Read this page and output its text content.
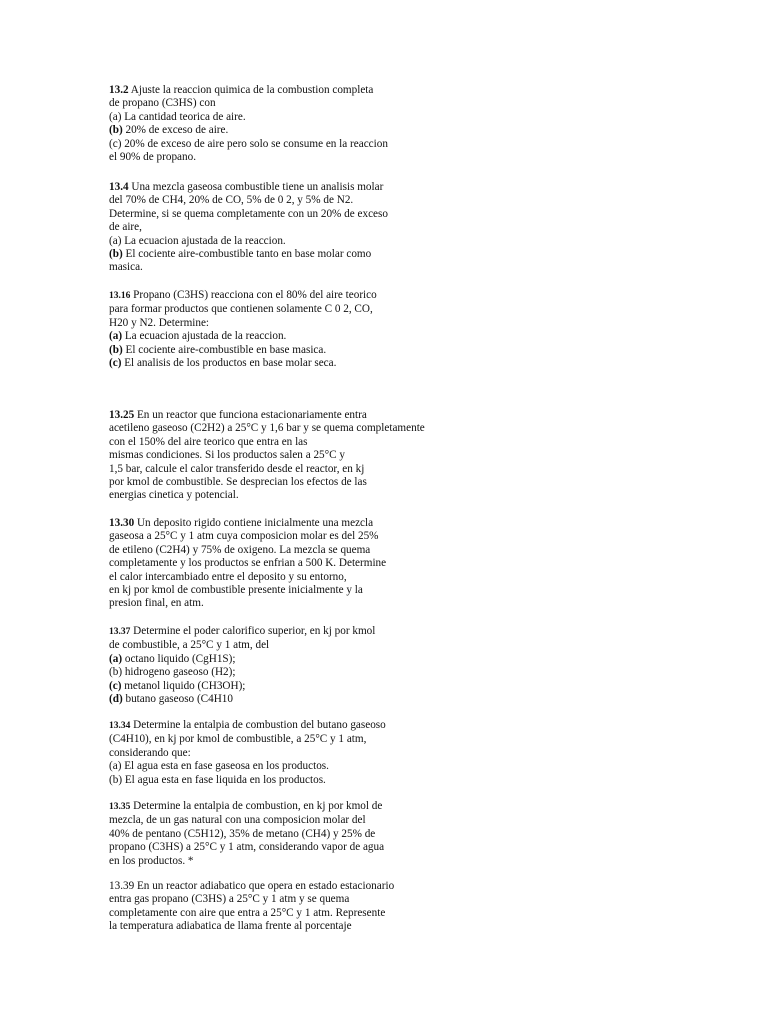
13.2 Ajuste la reaccion quimica de la combustion completa
de propano (C3HS) con
(a) La cantidad teorica de aire.
(b) 20% de exceso de aire.
(c) 20% de exceso de aire pero solo se consume en la reaccion
el 90% de propano.
13.4 Una mezcla gaseosa combustible tiene un analisis molar
del 70% de CH4, 20% de CO, 5% de 0 2, y 5% de N2.
Determine, si se quema completamente con un 20% de exceso
de aire,
(a) La ecuacion ajustada de la reaccion.
(b) El cociente aire-combustible tanto en base molar como
masica.
13.16 Propano (C3HS) reacciona con el 80% del aire teorico
para formar productos que contienen solamente C 0 2, CO,
H20 y N2. Determine:
(a) La ecuacion ajustada de la reaccion.
(b) El cociente aire-combustible en base masica.
(c) El analisis de los productos en base molar seca.
13.25 En un reactor que funciona estacionariamente entra
acetileno gaseoso (C2H2) a 25°C y 1,6 bar y se quema completamente
con el 150% del aire teorico que entra en las
mismas condiciones. Si los productos salen a 25°C y
1,5 bar, calcule el calor transferido desde el reactor, en kj
por kmol de combustible. Se desprecian los efectos de las
energias cinetica y potencial.
13.30 Un deposito rigido contiene inicialmente una mezcla
gaseosa a 25°C y 1 atm cuya composicion molar es del 25%
de etileno (C2H4) y 75% de oxigeno. La mezcla se quema
completamente y los productos se enfrian a 500 K. Determine
el calor intercambiado entre el deposito y su entorno,
en kj por kmol de combustible presente inicialmente y la
presion final, en atm.
13.37 Determine el poder calorifico superior, en kj por kmol
de combustible, a 25°C y 1 atm, del
(a) octano liquido (CgH1S);
(b) hidrogeno gaseoso (H2);
(c) metanol liquido (CH3OH);
(d) butano gaseoso (C4H10
13.34 Determine la entalpia de combustion del butano gaseoso
(C4H10), en kj por kmol de combustible, a 25°C y 1 atm,
considerando que:
(a) El agua esta en fase gaseosa en los productos.
(b) El agua esta en fase liquida en los productos.
13.35 Determine la entalpia de combustion, en kj por kmol de
mezcla, de un gas natural con una composicion molar del
40% de pentano (C5H12), 35% de metano (CH4) y 25% de
propano (C3HS) a 25°C y 1 atm, considerando vapor de agua
en los productos. *
13.39 En un reactor adiabatico que opera en estado estacionario
entra gas propano (C3HS) a 25°C y 1 atm y se quema
completamente con aire que entra a 25°C y 1 atm. Represente
la temperatura adiabatica de llama frente al porcentaje
